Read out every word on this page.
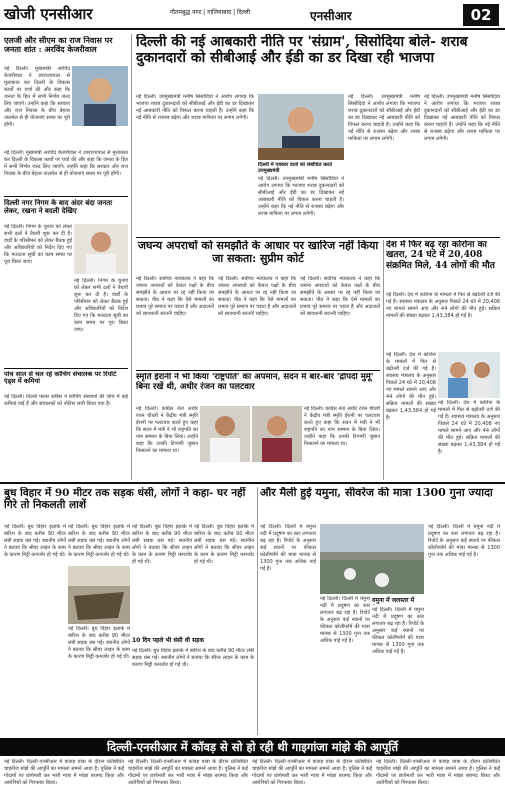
खोजी एनसीआर	गौतमबुद्ध नगर | गाजियाबाद | दिल्ली	एनसीआर	02
एलजी और सीएम का राज निवास पर जनता शांत : अरविंद केजरीवाल
नई दिल्ली। मुख्यमंत्री अरविंद केजरीवाल ने उपराज्यपाल से मुलाकात कर दिल्ली के विकास कार्यों पर चर्चा की और कहा कि जनता के हित में सभी निर्णय जल्द लिए जाएंगे। उन्होंने कहा कि सरकार और राज निवास के बीच बेहतर तालमेल से ही योजनाएं समय पर पूरी होंगी।
नई दिल्ली। मुख्यमंत्री अरविंद केजरीवाल ने उपराज्यपाल से मुलाकात कर दिल्ली के विकास कार्यों पर चर्चा की और कहा कि जनता के हित में सभी निर्णय जल्द लिए जाएंगे। उन्होंने कहा कि सरकार और राज निवास के बीच बेहतर तालमेल से ही योजनाएं समय पर पूरी होंगी।
दिल्ली नगर निगम के बाद अंदर बंदा जनता लेकर, रखना ने बदली देखिए
नई दिल्ली। निगम के चुनाव को लेकर सभी दलों ने तैयारी शुरू कर दी है। वार्डों के परिसीमन को लेकर बैठक हुई और अधिकारियों को निर्देश दिए गए कि मतदाता सूची का काम समय पर पूरा किया जाए।
नई दिल्ली। निगम के चुनाव को लेकर सभी दलों ने तैयारी शुरू कर दी है। वार्डों के परिसीमन को लेकर बैठक हुई और अधिकारियों को निर्देश दिए गए कि मतदाता सूची का काम समय पर पूरा किया जाए।
पांच साल से चल रहे कोचिंग संचालक पर रिपोर्ट एंड्स में कमियां
नई दिल्ली। दिल्ली फायर सर्विस ने कोचिंग संस्थानों की जांच में कई कमियां पाई हैं और संचालकों को नोटिस जारी किया गया है।
दिल्ली की नई आबकारी नीति पर 'संग्राम', सिसोदिया बोले- शराब दुकानदारों को सीबीआई और ईडी का डर दिखा रही भाजपा
नई दिल्ली। उपमुख्यमंत्री मनीष सिसोदिया ने आरोप लगाया कि भाजपा शराब दुकानदारों को सीबीआई और ईडी का डर दिखाकर नई आबकारी नीति को विफल करना चाहती है। उन्होंने कहा कि नई नीति से राजस्व बढ़ेगा और शराब माफिया पर लगाम लगेगी।
दिल्ली में पत्रकार वार्ता को संबोधित करते उपमुख्यमंत्री
नई दिल्ली। उपमुख्यमंत्री मनीष सिसोदिया ने आरोप लगाया कि भाजपा शराब दुकानदारों को सीबीआई और ईडी का डर दिखाकर नई आबकारी नीति को विफल करना चाहती है। उन्होंने कहा कि नई नीति से राजस्व बढ़ेगा और शराब माफिया पर लगाम लगेगी।
नई दिल्ली। उपमुख्यमंत्री मनीष सिसोदिया ने आरोप लगाया कि भाजपा शराब दुकानदारों को सीबीआई और ईडी का डर दिखाकर नई आबकारी नीति को विफल करना चाहती है। उन्होंने कहा कि नई नीति से राजस्व बढ़ेगा और शराब माफिया पर लगाम लगेगी।
नई दिल्ली। उपमुख्यमंत्री मनीष सिसोदिया ने आरोप लगाया कि भाजपा शराब दुकानदारों को सीबीआई और ईडी का डर दिखाकर नई आबकारी नीति को विफल करना चाहती है। उन्होंने कहा कि नई नीति से राजस्व बढ़ेगा और शराब माफिया पर लगाम लगेगी।
जघन्य अपराधों को समझौते के आधार पर खारिज नहीं किया जा सकता: सुप्रीम कोर्ट
नई दिल्ली। सर्वोच्च न्यायालय ने कहा कि जघन्य अपराधों को केवल पक्षों के बीच समझौते के आधार पर रद्द नहीं किया जा सकता। पीठ ने कहा कि ऐसे मामलों का प्रभाव पूरे समाज पर पड़ता है और अदालतों को सावधानी बरतनी चाहिए।
नई दिल्ली। सर्वोच्च न्यायालय ने कहा कि जघन्य अपराधों को केवल पक्षों के बीच समझौते के आधार पर रद्द नहीं किया जा सकता। पीठ ने कहा कि ऐसे मामलों का प्रभाव पूरे समाज पर पड़ता है और अदालतों को सावधानी बरतनी चाहिए।
नई दिल्ली। सर्वोच्च न्यायालय ने कहा कि जघन्य अपराधों को केवल पक्षों के बीच समझौते के आधार पर रद्द नहीं किया जा सकता। पीठ ने कहा कि ऐसे मामलों का प्रभाव पूरे समाज पर पड़ता है और अदालतों को सावधानी बरतनी चाहिए।
स्मृति ईरानी ने भी किया 'राष्ट्रपति' का अपमान, सदन में बार-बार 'द्रौपदी मुर्मू' बिना रखें थी, अधीर रंजन का पलटवार
नई दिल्ली। कांग्रेस नेता अधीर रंजन चौधरी ने केंद्रीय मंत्री स्मृति ईरानी पर पलटवार करते हुए कहा कि सदन में मंत्री ने भी राष्ट्रपति का नाम सम्मान के बिना लिया। उन्होंने कहा कि उनकी टिप्पणी जुबान फिसलने का मामला था।
नई दिल्ली। कांग्रेस नेता अधीर रंजन चौधरी ने केंद्रीय मंत्री स्मृति ईरानी पर पलटवार करते हुए कहा कि सदन में मंत्री ने भी राष्ट्रपति का नाम सम्मान के बिना लिया। उन्होंने कहा कि उनकी टिप्पणी जुबान फिसलने का मामला था।
देश में फिर बढ़ रहा कोरोना का खतरा, 24 घंटे में 20,408 संक्रमित मिले, 44 लोगों की मौत
नई दिल्ली। देश में कोरोना के मामलों में फिर से बढ़ोतरी दर्ज की गई है। स्वास्थ्य मंत्रालय के अनुसार पिछले 24 घंटे में 20,408 नए मामले सामने आए और 44 लोगों की मौत हुई। सक्रिय मामलों की संख्या बढ़कर 1,43,384 हो गई है।
नई दिल्ली। देश में कोरोना के मामलों में फिर से बढ़ोतरी दर्ज की गई है। स्वास्थ्य मंत्रालय के अनुसार पिछले 24 घंटे में 20,408 नए मामले सामने आए और 44 लोगों की मौत हुई। सक्रिय मामलों की संख्या बढ़कर 1,43,384 हो गई है।
नई दिल्ली। देश में कोरोना के मामलों में फिर से बढ़ोतरी दर्ज की गई है। स्वास्थ्य मंत्रालय के अनुसार पिछले 24 घंटे में 20,408 नए मामले सामने आए और 44 लोगों की मौत हुई। सक्रिय मामलों की संख्या बढ़कर 1,43,384 हो गई है।
बुध विहार में 90 मीटर तक सड़क धंसी, लोगों ने कहा- घर नहीं गिरे तो निकलती लाशें
नई दिल्ली। बुध विहार इलाके में बारिश के बाद करीब 90 मीटर लंबी सड़क धंस गई। स्थानीय लोगों ने बताया कि सीवर लाइन के काम के कारण मिट्टी कमजोर हो गई थी।
नई दिल्ली। बुध विहार इलाके में बारिश के बाद करीब 90 मीटर लंबी सड़क धंस गई। स्थानीय लोगों ने बताया कि सीवर लाइन के काम के कारण मिट्टी कमजोर हो गई थी।
नई दिल्ली। बुध विहार इलाके में बारिश के बाद करीब 90 मीटर लंबी सड़क धंस गई। स्थानीय लोगों ने बताया कि सीवर लाइन के काम के कारण मिट्टी कमजोर हो गई थी।
नई दिल्ली। बुध विहार इलाके में बारिश के बाद करीब 90 मीटर लंबी सड़क धंस गई। स्थानीय लोगों ने बताया कि सीवर लाइन के काम के कारण मिट्टी कमजोर हो गई थी।
नई दिल्ली। बुध विहार इलाके में बारिश के बाद करीब 90 मीटर लंबी सड़क धंस गई। स्थानीय लोगों ने बताया कि सीवर लाइन के काम के कारण मिट्टी कमजोर हो गई थी।
10 दिन पहले भी धंसी थी सड़क
नई दिल्ली। बुध विहार इलाके में बारिश के बाद करीब 90 मीटर लंबी सड़क धंस गई। स्थानीय लोगों ने बताया कि सीवर लाइन के काम के कारण मिट्टी कमजोर हो गई थी।
और मैली हुई यमुना, सीवरेज की मात्रा 1300 गुना ज्यादा
नई दिल्ली। दिल्ली में यमुना नदी में प्रदूषण का स्तर लगातार बढ़ रहा है। रिपोर्ट के अनुसार कई स्थानों पर फीकल कोलीफॉर्म की मात्रा मानक से 1300 गुना तक अधिक पाई गई है।
नई दिल्ली। दिल्ली में यमुना नदी में प्रदूषण का स्तर लगातार बढ़ रहा है। रिपोर्ट के अनुसार कई स्थानों पर फीकल कोलीफॉर्म की मात्रा मानक से 1300 गुना तक अधिक पाई गई है।
यमुना में जलस्तर में
नई दिल्ली। दिल्ली में यमुना नदी में प्रदूषण का स्तर लगातार बढ़ रहा है। रिपोर्ट के अनुसार कई स्थानों पर फीकल कोलीफॉर्म की मात्रा मानक से 1300 गुना तक अधिक पाई गई है।
नई दिल्ली। दिल्ली में यमुना नदी में प्रदूषण का स्तर लगातार बढ़ रहा है। रिपोर्ट के अनुसार कई स्थानों पर फीकल कोलीफॉर्म की मात्रा मानक से 1300 गुना तक अधिक पाई गई है।
दिल्ली-एनसीआर में कॉवड़ से सो हो रही थी गाइगांजा मांझे की आपूर्ति
नई दिल्ली। दिल्ली-एनसीआर में कांवड़ यात्रा के दौरान प्रतिबंधित चाइनीज मांझे की आपूर्ति का मामला सामने आया है। पुलिस ने कई गोदामों पर छापेमारी कर भारी मात्रा में मांझा बरामद किया और आरोपियों को गिरफ्तार किया।
नई दिल्ली। दिल्ली-एनसीआर में कांवड़ यात्रा के दौरान प्रतिबंधित चाइनीज मांझे की आपूर्ति का मामला सामने आया है। पुलिस ने कई गोदामों पर छापेमारी कर भारी मात्रा में मांझा बरामद किया और आरोपियों को गिरफ्तार किया।
नई दिल्ली। दिल्ली-एनसीआर में कांवड़ यात्रा के दौरान प्रतिबंधित चाइनीज मांझे की आपूर्ति का मामला सामने आया है। पुलिस ने कई गोदामों पर छापेमारी कर भारी मात्रा में मांझा बरामद किया और आरोपियों को गिरफ्तार किया।
नई दिल्ली। दिल्ली-एनसीआर में कांवड़ यात्रा के दौरान प्रतिबंधित चाइनीज मांझे की आपूर्ति का मामला सामने आया है। पुलिस ने कई गोदामों पर छापेमारी कर भारी मात्रा में मांझा बरामद किया और आरोपियों को गिरफ्तार किया।
